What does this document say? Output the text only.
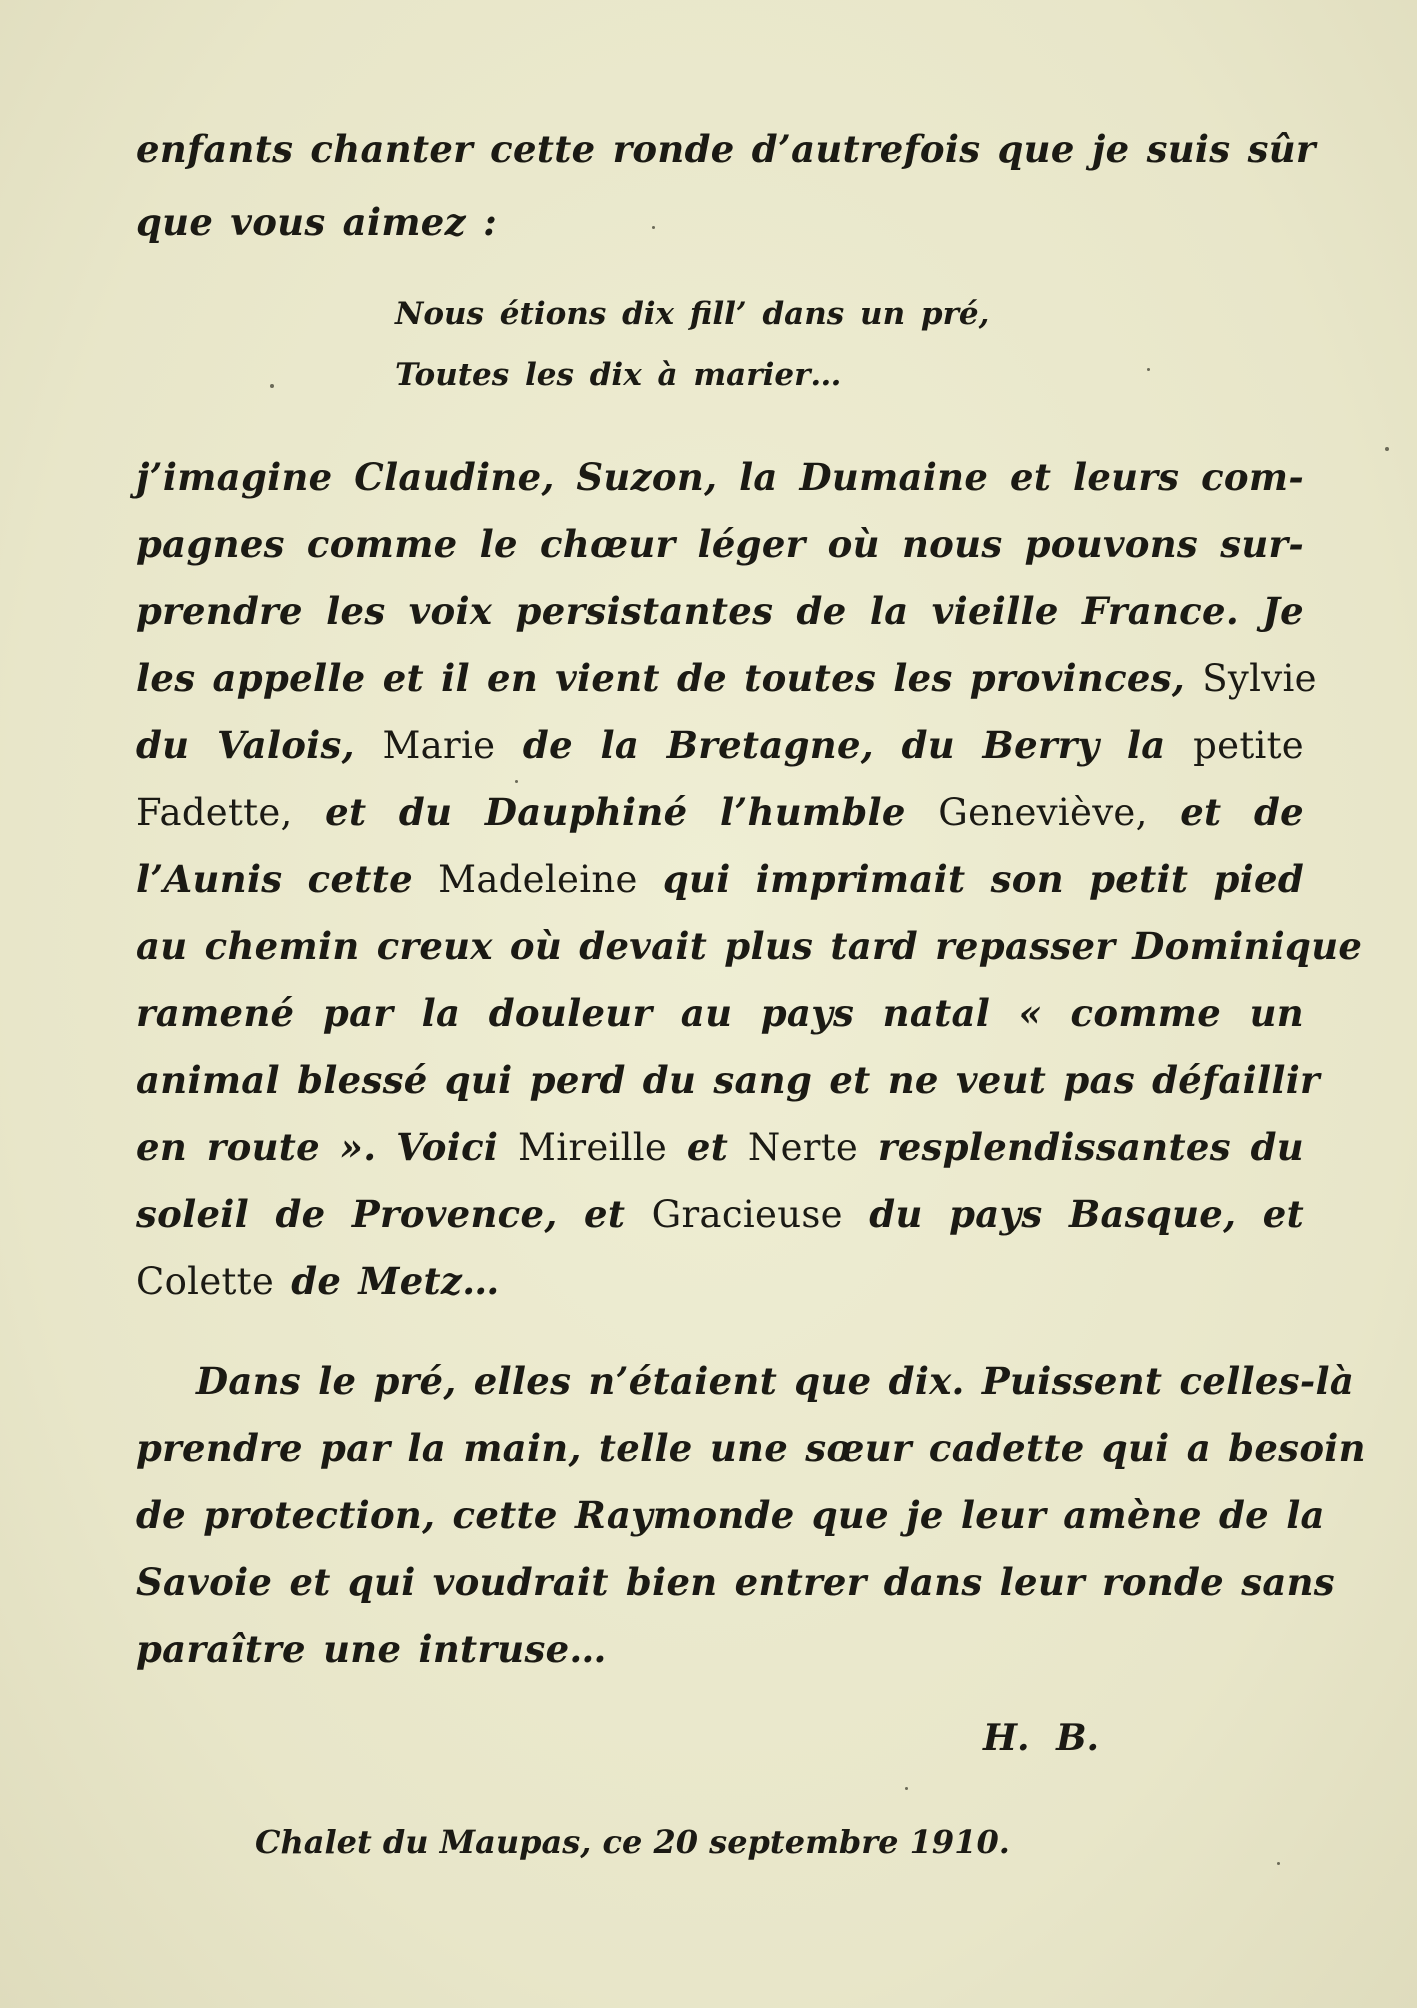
enfants chanter cette ronde d’autrefois que je suis sûr
que vous aimez :
Nous étions dix fill’ dans un pré,
Toutes les dix à marier…
j’imagine Claudine, Suzon, la Dumaine et leurs com-
pagnes comme le chœur léger où nous pouvons sur-
prendre les voix persistantes de la vieille France. Je
les appelle et il en vient de toutes les provinces, Sylvie
du Valois, Marie de la Bretagne, du Berry la petite
Fadette, et du Dauphiné l’humble Geneviève, et de
l’Aunis cette Madeleine qui imprimait son petit pied
au chemin creux où devait plus tard repasser Dominique
ramené par la douleur au pays natal « comme un
animal blessé qui perd du sang et ne veut pas défaillir
en route ». Voici Mireille et Nerte resplendissantes du
soleil de Provence, et Gracieuse du pays Basque, et
Colette de Metz…
Dans le pré, elles n’étaient que dix. Puissent celles-là
prendre par la main, telle une sœur cadette qui a besoin
de protection, cette Raymonde que je leur amène de la
Savoie et qui voudrait bien entrer dans leur ronde sans
paraître une intruse…
H. B.
Chalet du Maupas, ce 20 septembre 1910.
